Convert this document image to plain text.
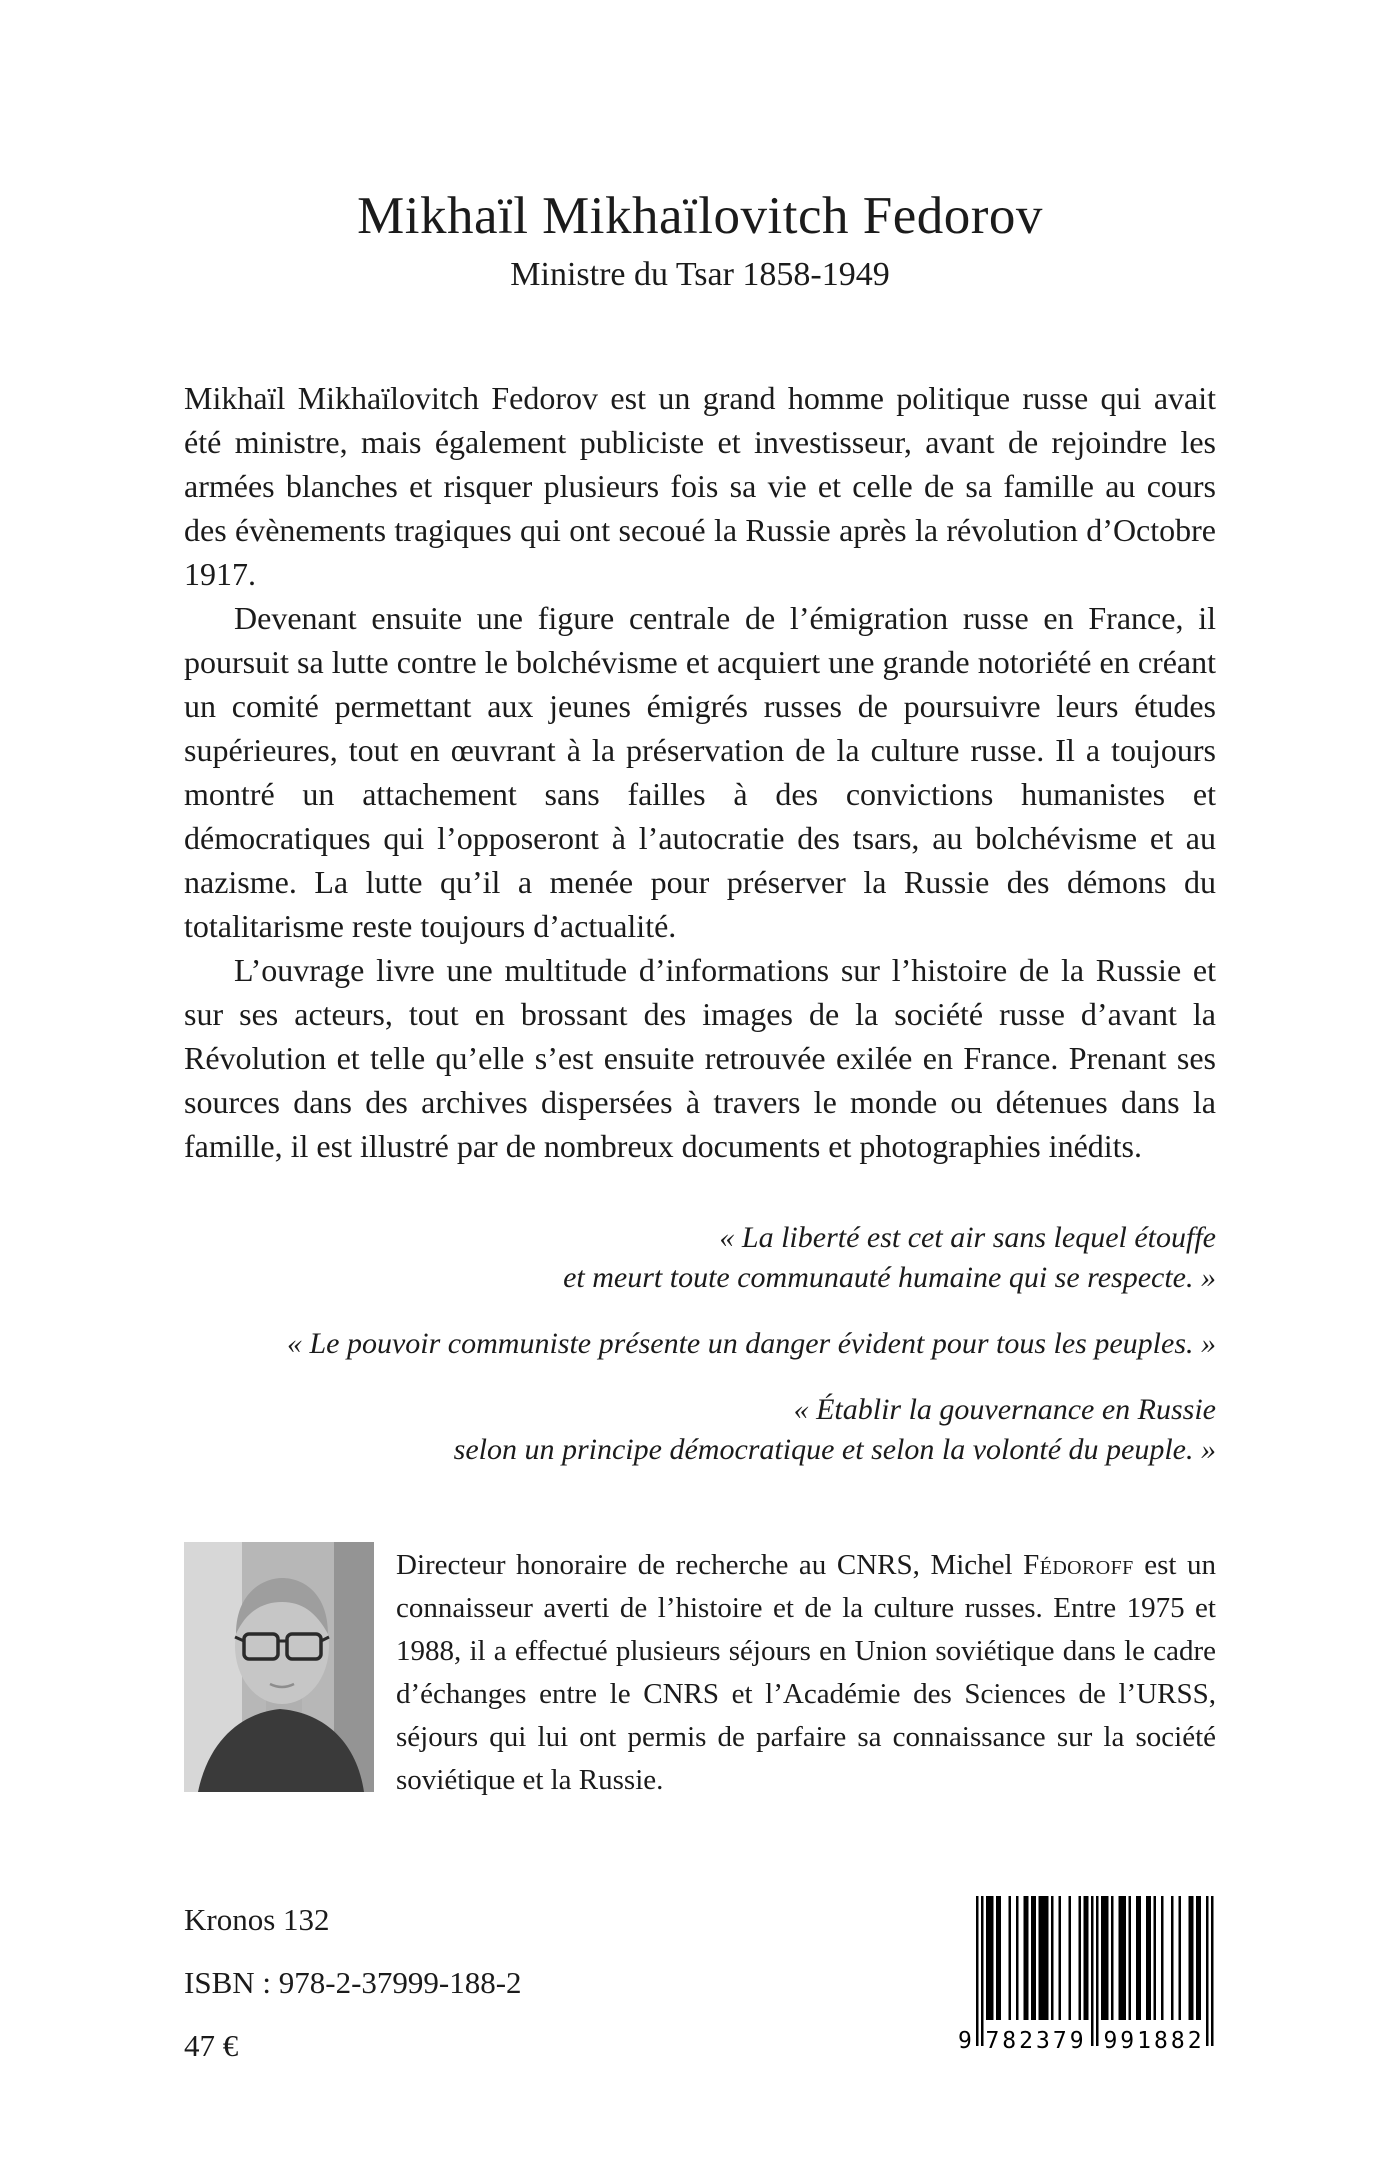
Mikhaïl Mikhaïlovitch Fedorov
Ministre du Tsar 1858-1949

Mikhaïl Mikhaïlovitch Fedorov est un grand homme politique russe qui avait été ministre, mais également publiciste et investisseur, avant de rejoindre les armées blanches et risquer plusieurs fois sa vie et celle de sa famille au cours des évènements tragiques qui ont secoué la Russie après la révolution d’Octobre 1917.

Devenant ensuite une figure centrale de l’émigration russe en France, il poursuit sa lutte contre le bolchévisme et acquiert une grande notoriété en créant un comité permettant aux jeunes émigrés russes de poursuivre leurs études supérieures, tout en œuvrant à la préservation de la culture russe. Il a toujours montré un attachement sans failles à des convictions humanistes et démocratiques qui l’opposeront à l’autocratie des tsars, au bolchévisme et au nazisme. La lutte qu’il a menée pour préserver la Russie des démons du totalitarisme reste toujours d’actualité.

L’ouvrage livre une multitude d’informations sur l’histoire de la Russie et sur ses acteurs, tout en brossant des images de la société russe d’avant la Révolution et telle qu’elle s’est ensuite retrouvée exilée en France. Prenant ses sources dans des archives dispersées à travers le monde ou détenues dans la famille, il est illustré par de nombreux documents et photographies inédits.

« La liberté est cet air sans lequel étouffe
et meurt toute communauté humaine qui se respecte. »
« Le pouvoir communiste présente un danger évident pour tous les peuples. »
« Établir la gouvernance en Russie
selon un principe démocratique et selon la volonté du peuple. »

Directeur honoraire de recherche au CNRS, Michel Fédoroff est un connaisseur averti de l’histoire et de la culture russes. Entre 1975 et 1988, il a effectué plusieurs séjours en Union soviétique dans le cadre d’échanges entre le CNRS et l’Académie des Sciences de l’URSS, séjours qui lui ont permis de parfaire sa connaissance sur la société soviétique et la Russie.

Kronos 132
ISBN : 978-2-37999-188-2
47 €	9 782379 991882
